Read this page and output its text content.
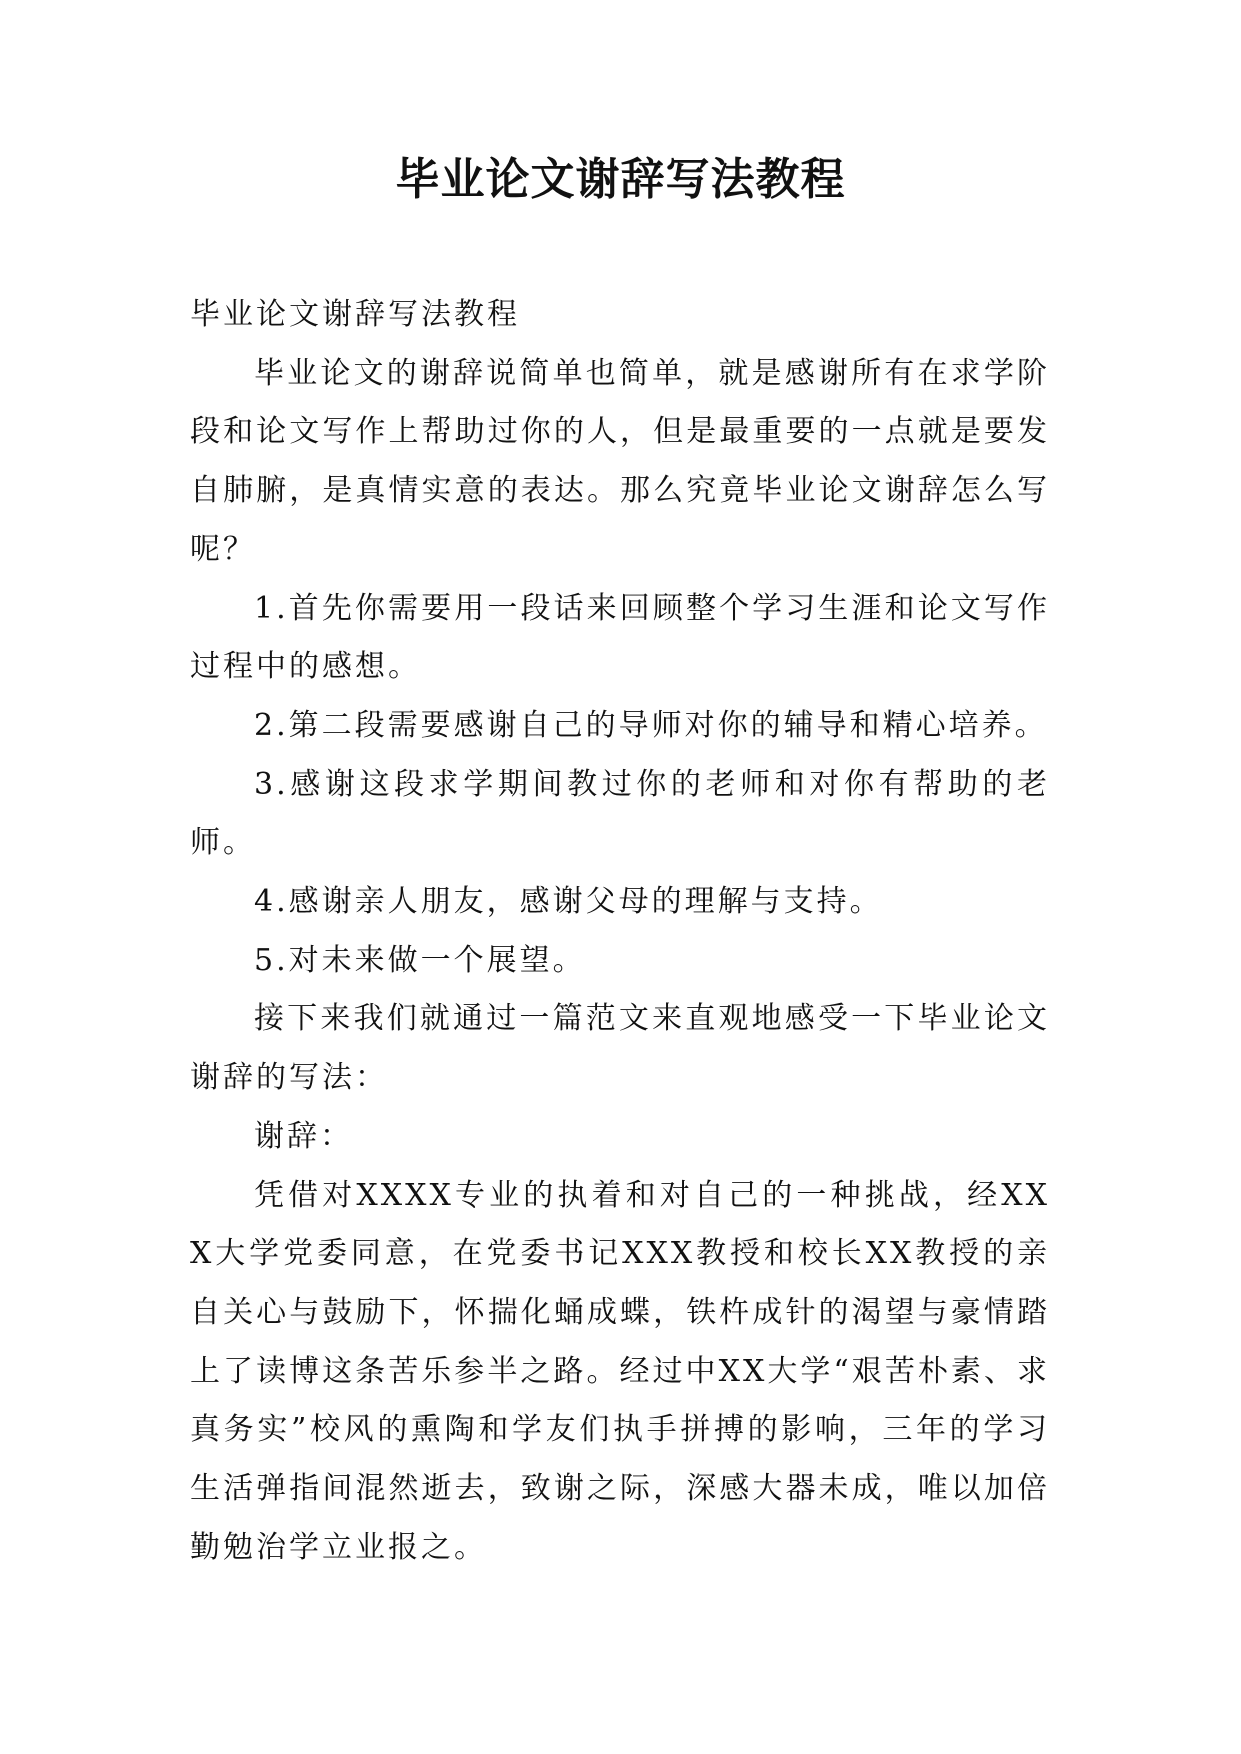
毕业论文谢辞写法教程

毕业论文谢辞写法教程

毕业论文的谢辞说简单也简单，就是感谢所有在求学阶段和论文写作上帮助过你的人，但是最重要的一点就是要发自肺腑，是真情实意的表达。那么究竟毕业论文谢辞怎么写呢？

1.首先你需要用一段话来回顾整个学习生涯和论文写作过程中的感想。

2.第二段需要感谢自己的导师对你的辅导和精心培养。

3.感谢这段求学期间教过你的老师和对你有帮助的老师。

4.感谢亲人朋友，感谢父母的理解与支持。

5.对未来做一个展望。

接下来我们就通过一篇范文来直观地感受一下毕业论文谢辞的写法：

谢辞：

凭借对XXXX专业的执着和对自己的一种挑战，经XXX大学党委同意，在党委书记XXX教授和校长XX教授的亲自关心与鼓励下，怀揣化蛹成蝶，铁杵成针的渴望与豪情踏上了读博这条苦乐参半之路。经过中XX大学“艰苦朴素、求真务实”校风的熏陶和学友们执手拼搏的影响，三年的学习生活弹指间混然逝去，致谢之际，深感大器未成，唯以加倍勤勉治学立业报之。
